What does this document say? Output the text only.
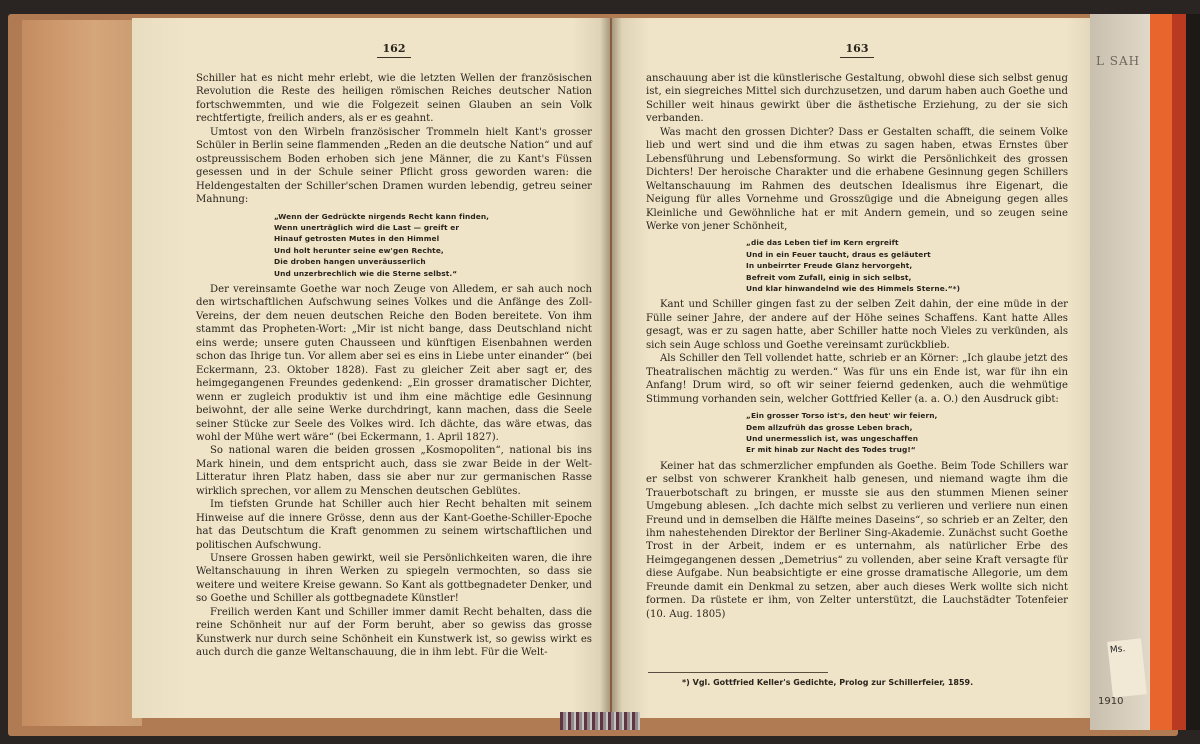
L SAH
Ms.
1910
162

Schiller hat es nicht mehr erlebt, wie die letzten Wellen der französischen Revolution die Reste des heiligen römischen Reiches deutscher Nation fortschwemmten, und wie die Folgezeit seinen Glauben an sein Volk rechtfertigte, freilich anders, als er es geahnt.

Umtost von den Wirbeln französischer Trommeln hielt Kant's grosser Schüler in Berlin seine flammenden „Reden an die deutsche Nation“ und auf ostpreussischem Boden erhoben sich jene Männer, die zu Kant's Füssen gesessen und in der Schule seiner Pflicht gross geworden waren: die Heldengestalten der Schiller'schen Dramen wurden lebendig, getreu seiner Mahnung:

„Wenn der Gedrückte nirgends Recht kann finden,
Wenn unerträglich wird die Last — greift er
Hinauf getrosten Mutes in den Himmel
Und holt herunter seine ew'gen Rechte,
Die droben hangen unveräusserlich
Und unzerbrechlich wie die Sterne selbst.“

Der vereinsamte Goethe war noch Zeuge von Alledem, er sah auch noch den wirtschaftlichen Aufschwung seines Volkes und die Anfänge des Zoll-Vereins, der dem neuen deutschen Reiche den Boden bereitete. Von ihm stammt das Propheten-Wort: „Mir ist nicht bange, dass Deutschland nicht eins werde; unsere guten Chausseen und künftigen Eisenbahnen werden schon das Ihrige tun. Vor allem aber sei es eins in Liebe unter einander“ (bei Eckermann, 23. Oktober 1828). Fast zu gleicher Zeit aber sagt er, des heimgegangenen Freundes gedenkend: „Ein grosser dramatischer Dichter, wenn er zugleich produktiv ist und ihm eine mächtige edle Gesinnung beiwohnt, der alle seine Werke durchdringt, kann machen, dass die Seele seiner Stücke zur Seele des Volkes wird. Ich dächte, das wäre etwas, das wohl der Mühe wert wäre“ (bei Eckermann, 1. April 1827).

So national waren die beiden grossen „Kosmopoliten“, national bis ins Mark hinein, und dem entspricht auch, dass sie zwar Beide in der Welt-Litteratur ihren Platz haben, dass sie aber nur zur germanischen Rasse wirklich sprechen, vor allem zu Menschen deutschen Geblütes.

Im tiefsten Grunde hat Schiller auch hier Recht behalten mit seinem Hinweise auf die innere Grösse, denn aus der Kant-Goethe-Schiller-Epoche hat das Deutschtum die Kraft genommen zu seinem wirtschaftlichen und politischen Aufschwung.

Unsere Grossen haben gewirkt, weil sie Persönlichkeiten waren, die ihre Weltanschauung in ihren Werken zu spiegeln vermochten, so dass sie weitere und weitere Kreise gewann. So Kant als gottbegnadeter Denker, und so Goethe und Schiller als gottbegnadete Künstler!

Freilich werden Kant und Schiller immer damit Recht behalten, dass die reine Schönheit nur auf der Form beruht, aber so gewiss das grosse Kunstwerk nur durch seine Schönheit ein Kunstwerk ist, so gewiss wirkt es auch durch die ganze Weltanschauung, die in ihm lebt. Für die Welt-

163

anschauung aber ist die künstlerische Gestaltung, obwohl diese sich selbst genug ist, ein siegreiches Mittel sich durchzusetzen, und darum haben auch Goethe und Schiller weit hinaus gewirkt über die ästhetische Erziehung, zu der sie sich verbanden.

Was macht den grossen Dichter? Dass er Gestalten schafft, die seinem Volke lieb und wert sind und die ihm etwas zu sagen haben, etwas Ernstes über Lebensführung und Lebensformung. So wirkt die Persönlichkeit des grossen Dichters! Der heroische Charakter und die erhabene Gesinnung gegen Schillers Weltanschauung im Rahmen des deutschen Idealismus ihre Eigenart, die Neigung für alles Vornehme und Grosszügige und die Abneigung gegen alles Kleinliche und Gewöhnliche hat er mit Andern gemein, und so zeugen seine Werke von jener Schönheit,

„die das Leben tief im Kern ergreift
Und in ein Feuer taucht, draus es geläutert
In unbeirrter Freude Glanz hervorgeht,
Befreit vom Zufall, einig in sich selbst,
Und klar hinwandelnd wie des Himmels Sterne.“*)

Kant und Schiller gingen fast zu der selben Zeit dahin, der eine müde in der Fülle seiner Jahre, der andere auf der Höhe seines Schaffens. Kant hatte Alles gesagt, was er zu sagen hatte, aber Schiller hatte noch Vieles zu verkünden, als sich sein Auge schloss und Goethe vereinsamt zurückblieb.

Als Schiller den Tell vollendet hatte, schrieb er an Körner: „Ich glaube jetzt des Theatralischen mächtig zu werden.“ Was für uns ein Ende ist, war für ihn ein Anfang! Drum wird, so oft wir seiner feiernd gedenken, auch die wehmütige Stimmung vorhanden sein, welcher Gottfried Keller (a. a. O.) den Ausdruck gibt:

„Ein grosser Torso ist's, den heut' wir feiern,
Dem allzufrüh das grosse Leben brach,
Und unermesslich ist, was ungeschaffen
Er mit hinab zur Nacht des Todes trug!“

Keiner hat das schmerzlicher empfunden als Goethe. Beim Tode Schillers war er selbst von schwerer Krankheit halb genesen, und niemand wagte ihm die Trauerbotschaft zu bringen, er musste sie aus den stummen Mienen seiner Umgebung ablesen. „Ich dachte mich selbst zu verlieren und verliere nun einen Freund und in demselben die Hälfte meines Daseins“, so schrieb er an Zelter, den ihm nahestehenden Direktor der Berliner Sing-Akademie. Zunächst sucht Goethe Trost in der Arbeit, indem er es unternahm, als natürlicher Erbe des Heimgegangenen dessen „Demetrius“ zu vollenden, aber seine Kraft versagte für diese Aufgabe. Nun beabsichtigte er eine grosse dramatische Allegorie, um dem Freunde damit ein Denkmal zu setzen, aber auch dieses Werk wollte sich nicht formen. Da rüstete er ihm, von Zelter unterstützt, die Lauchstädter Totenfeier (10. Aug. 1805)

*) Vgl. Gottfried Keller's Gedichte, Prolog zur Schillerfeier, 1859.
